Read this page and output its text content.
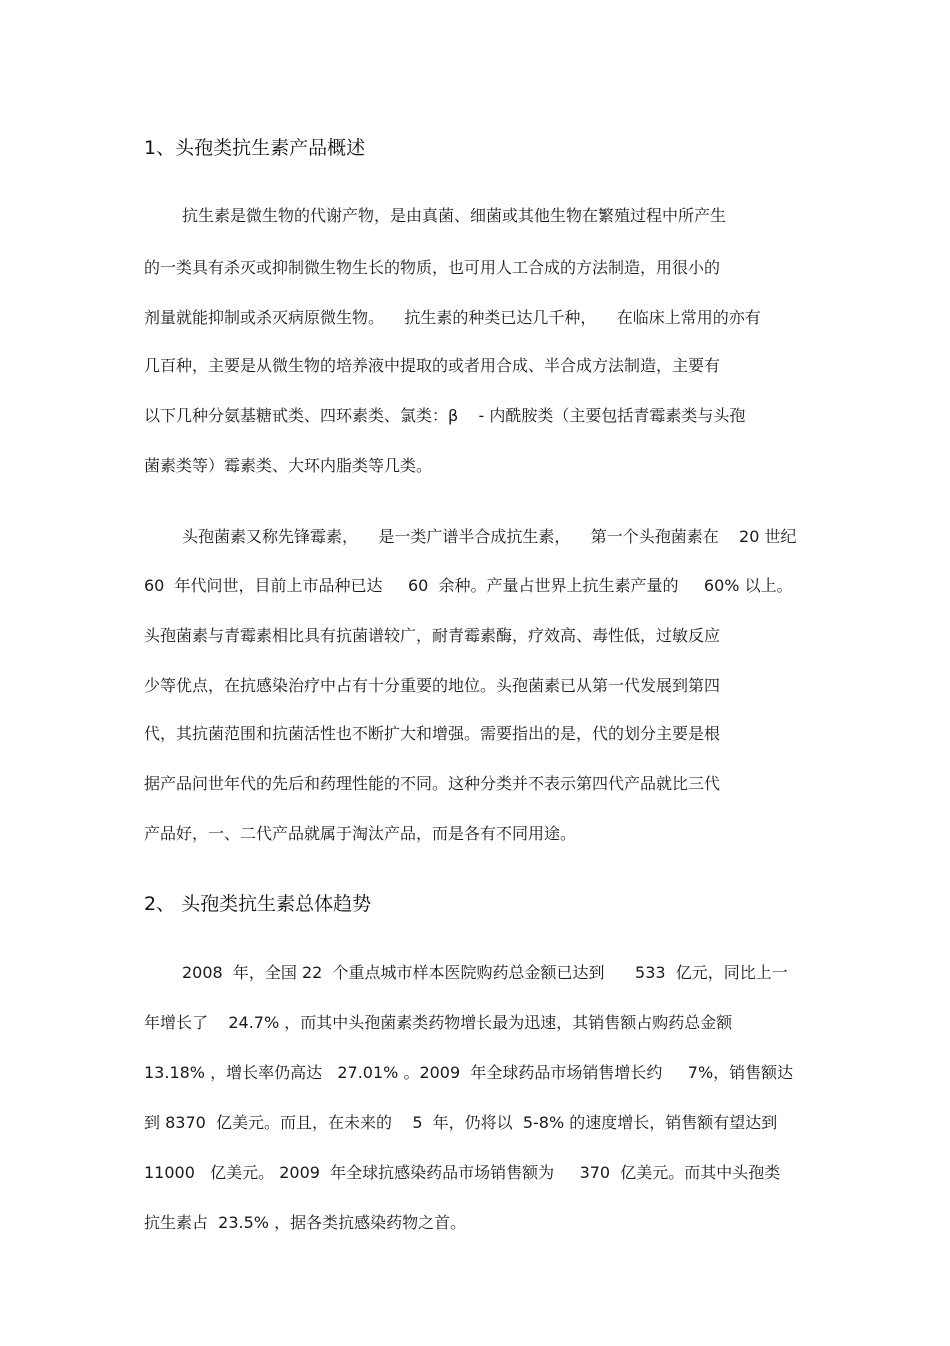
1、头孢类抗生素产品概述
抗生素是微生物的代谢产物，是由真菌、细菌或其他生物在繁殖过程中所产生
的一类具有杀灭或抑制微生物生长的物质，也可用人工合成的方法制造，用很小的
剂量就能抑制或杀灭病原微生物。    抗生素的种类已达几千种，    在临床上常用的亦有
几百种，主要是从微生物的培养液中提取的或者用合成、半合成方法制造，主要有
以下几种分氨基糖甙类、四环素类、氯类：β    - 内酰胺类（主要包括青霉素类与头孢
菌素类等）霉素类、大环内脂类等几类。
头孢菌素又称先锋霉素，    是一类广谱半合成抗生素，    第一个头孢菌素在    20 世纪
60  年代问世，目前上市品种已达     60  余种。产量占世界上抗生素产量的     60% 以上。
头孢菌素与青霉素相比具有抗菌谱较广，耐青霉素酶，疗效高、毒性低，过敏反应
少等优点，在抗感染治疗中占有十分重要的地位。头孢菌素已从第一代发展到第四
代，其抗菌范围和抗菌活性也不断扩大和增强。需要指出的是，代的划分主要是根
据产品问世年代的先后和药理性能的不同。这种分类并不表示第四代产品就比三代
产品好，一、二代产品就属于淘汰产品，而是各有不同用途。
2、 头孢类抗生素总体趋势
2008  年，全国 22  个重点城市样本医院购药总金额已达到      533  亿元，同比上一
年增长了    24.7% ，而其中头孢菌素类药物增长最为迅速，其销售额占购药总金额
13.18% ，增长率仍高达   27.01% 。2009  年全球药品市场销售增长约     7%，销售额达
到 8370  亿美元。而且，在未来的    5  年，仍将以  5-8% 的速度增长，销售额有望达到
11000   亿美元。 2009  年全球抗感染药品市场销售额为     370  亿美元。而其中头孢类
抗生素占  23.5% ，据各类抗感染药物之首。
